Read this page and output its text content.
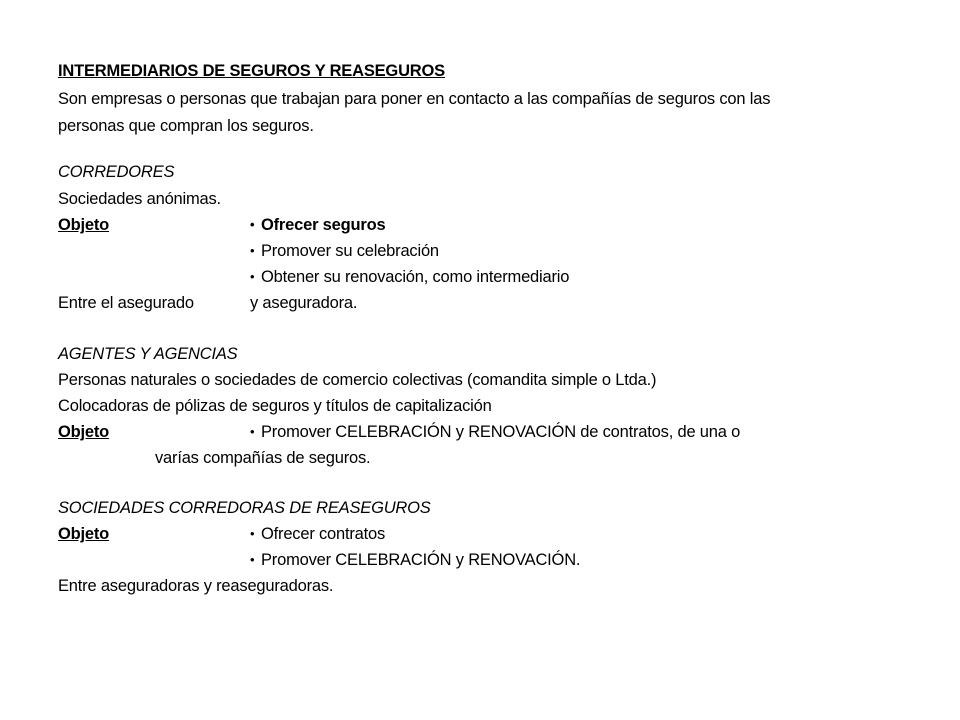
INTERMEDIARIOS DE SEGUROS Y REASEGUROS
Son empresas o personas que trabajan para poner en contacto a las compañías de seguros con las
personas que compran los seguros.
CORREDORES
Sociedades anónimas.
Objeto	• Ofrecer seguros
• Promover su celebración
• Obtener su renovación, como intermediario
Entre el asegurado	y aseguradora.
AGENTES Y AGENCIAS
Personas naturales o sociedades de comercio colectivas (comandita simple o Ltda.)
Colocadoras de pólizas de seguros y títulos de capitalización
Objeto	• Promover CELEBRACIÓN y RENOVACIÓN de contratos, de una o
varías compañías de seguros.
SOCIEDADES CORREDORAS DE REASEGUROS
Objeto	• Ofrecer contratos
• Promover CELEBRACIÓN y RENOVACIÓN.
Entre aseguradoras y reaseguradoras.
